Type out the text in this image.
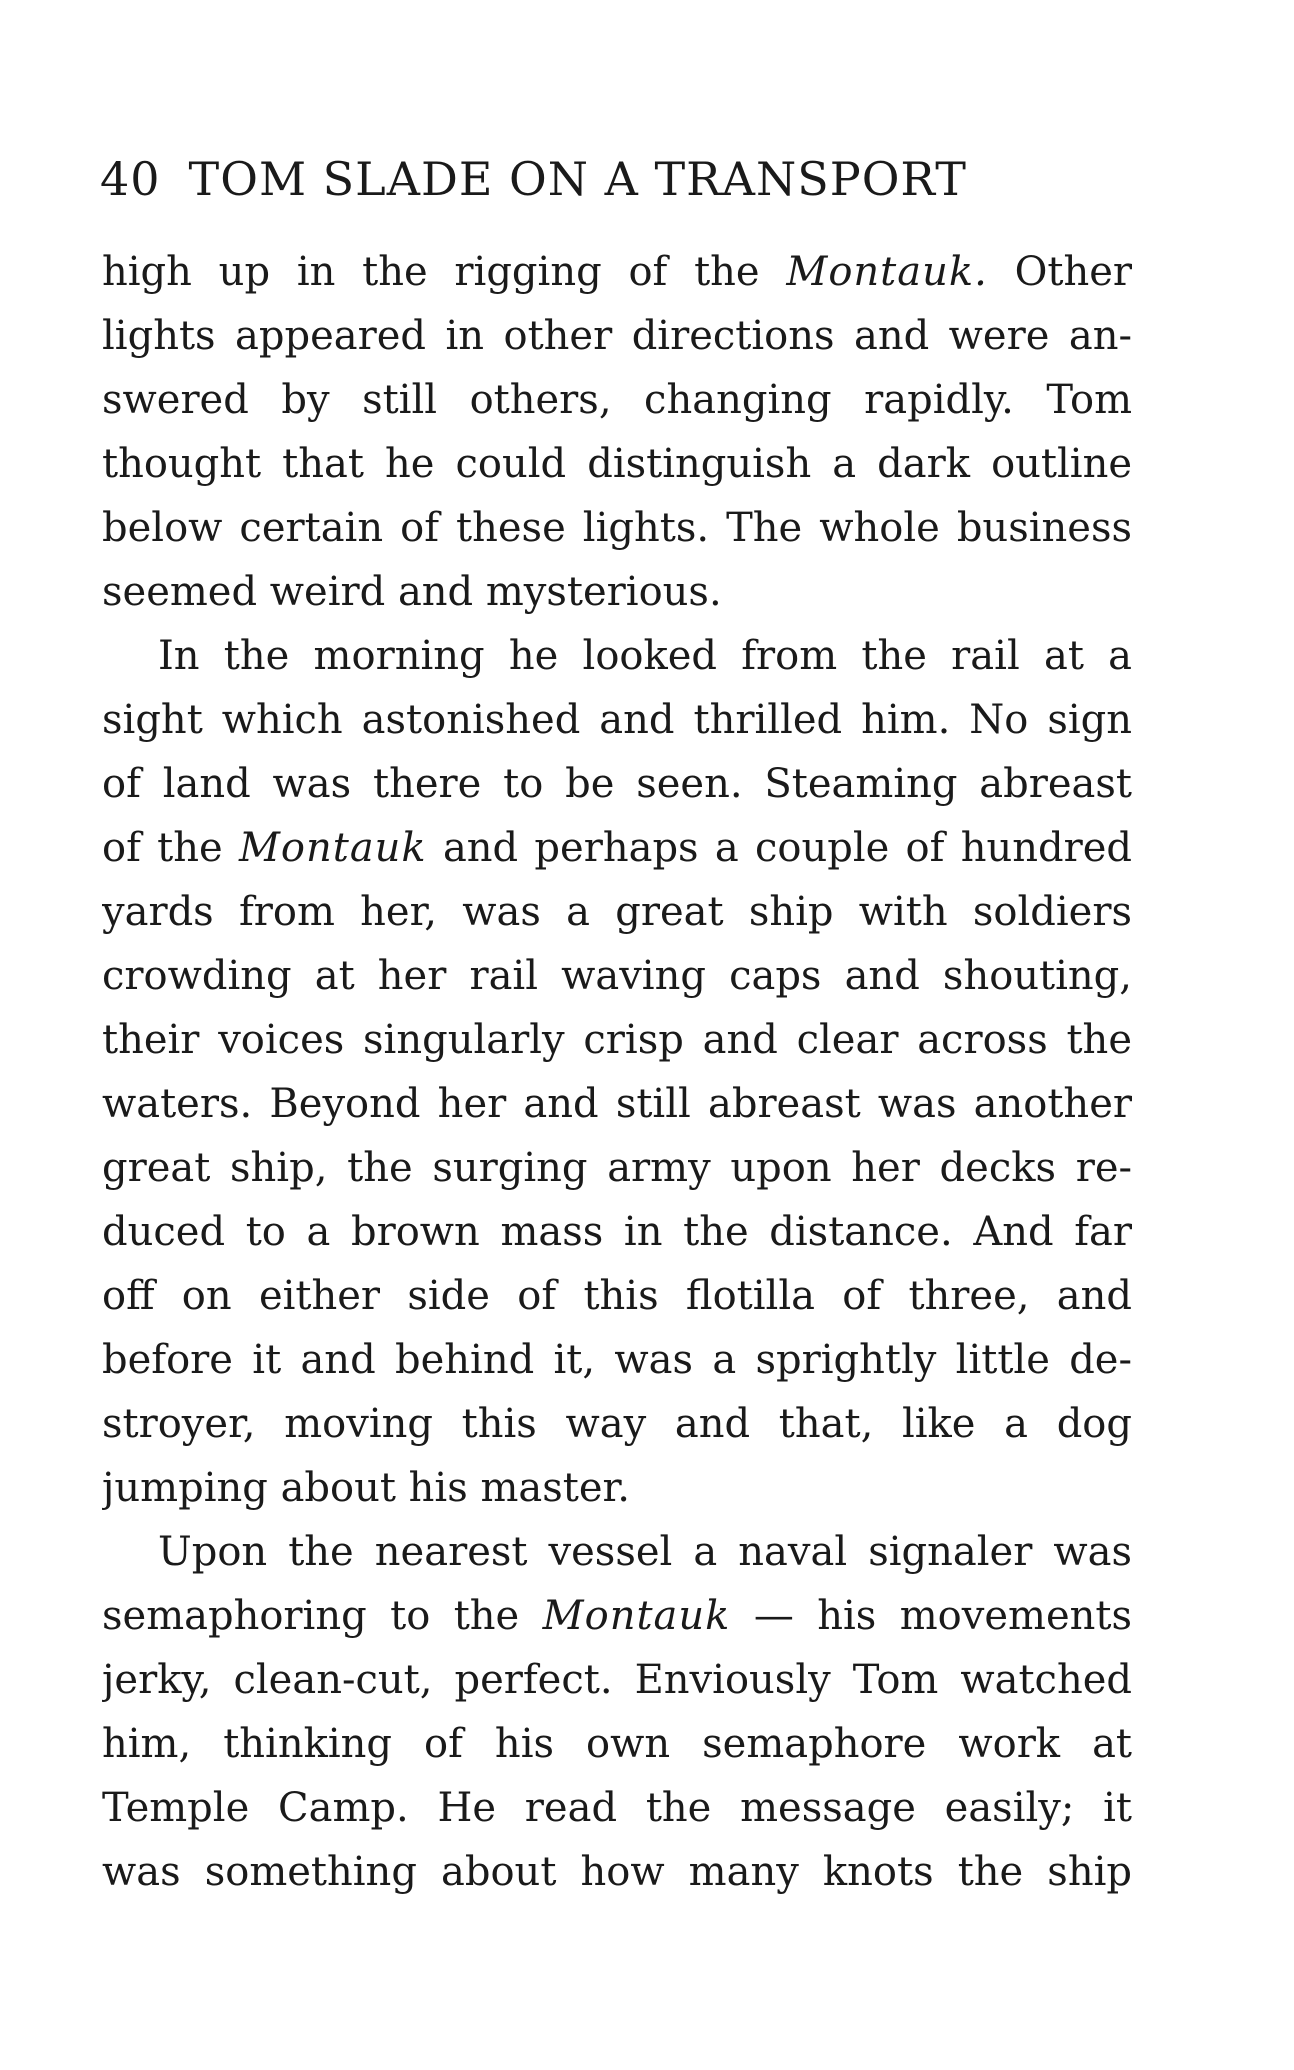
40 TOM SLADE ON A TRANSPORT
high up in the rigging of the Montauk. Other
lights appeared in other directions and were an-
swered by still others, changing rapidly. Tom
thought that he could distinguish a dark outline
below certain of these lights. The whole business
seemed weird and mysterious.
In the morning he looked from the rail at a
sight which astonished and thrilled him. No sign
of land was there to be seen. Steaming abreast
of the Montauk and perhaps a couple of hundred
yards from her, was a great ship with soldiers
crowding at her rail waving caps and shouting,
their voices singularly crisp and clear across the
waters. Beyond her and still abreast was another
great ship, the surging army upon her decks re-
duced to a brown mass in the distance. And far
off on either side of this flotilla of three, and
before it and behind it, was a sprightly little de-
stroyer, moving this way and that, like a dog
jumping about his master.
Upon the nearest vessel a naval signaler was
semaphoring to the Montauk — his movements
jerky, clean-cut, perfect. Enviously Tom watched
him, thinking of his own semaphore work at
Temple Camp. He read the message easily; it
was something about how many knots the ship
